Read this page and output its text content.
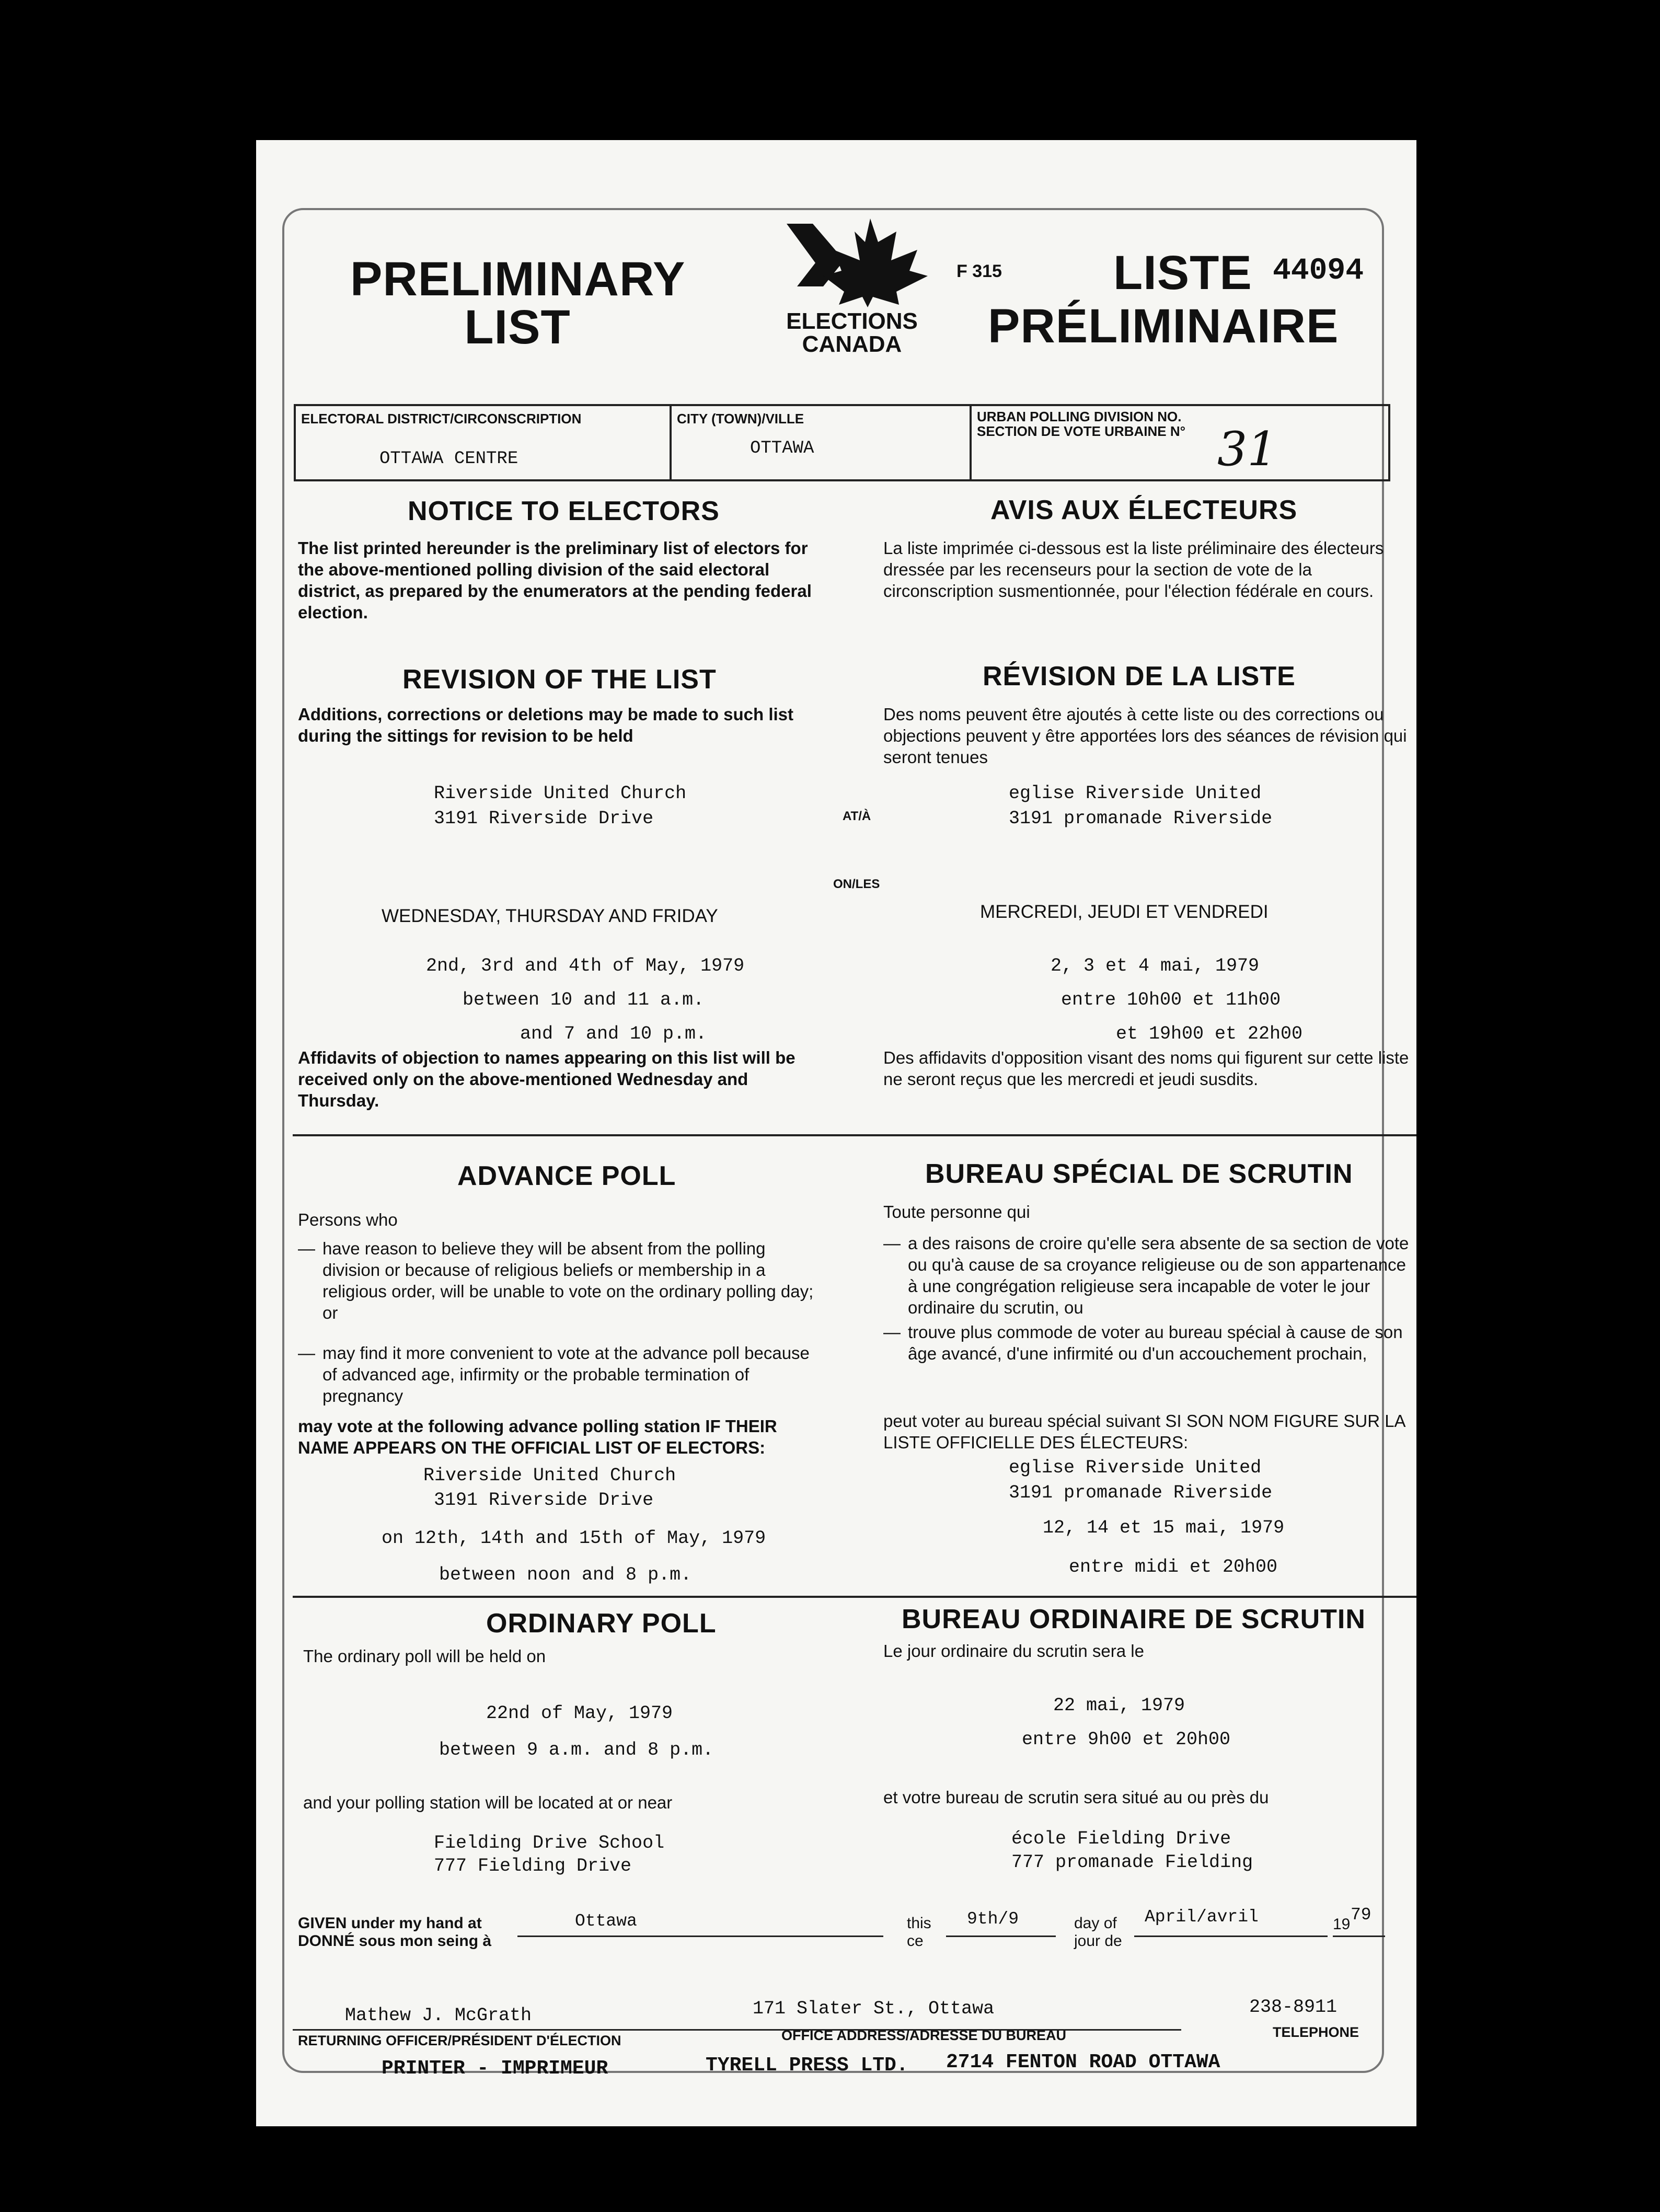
PRELIMINARY
LIST	ELECTIONS
CANADA
F 315 LISTE 44094
PRÉLIMINAIRE
ELECTORAL DISTRICT/CIRCONSCRIPTION
OTTAWA CENTRE
CITY (TOWN)/VILLE
OTTAWA
URBAN POLLING DIVISION NO.
SECTION DE VOTE URBAINE N° 31
NOTICE TO ELECTORS
The list printed hereunder is the preliminary list of electors for the above-mentioned polling division of the said electoral district, as prepared by the enumerators at the pending federal election.
AVIS AUX ÉLECTEURS
La liste imprimée ci-dessous est la liste préliminaire des électeurs dressée par les recenseurs pour la section de vote de la circonscription susmentionnée, pour l'élection fédérale en cours.
REVISION OF THE LIST
Additions, corrections or deletions may be made to such list during the sittings for revision to be held
RÉVISION DE LA LISTE
Des noms peuvent être ajoutés à cette liste ou des corrections ou objections peuvent y être apportées lors des séances de révision qui seront tenues
Riverside United Church
3191 Riverside Drive	AT/À
eglise Riverside United
3191 promanade Riverside
ON/LES
WEDNESDAY, THURSDAY AND FRIDAY	MERCREDI, JEUDI ET VENDREDI
2nd, 3rd and 4th of May, 1979	2, 3 et 4 mai, 1979
between 10 and 11 a.m.	entre 10h00 et 11h00
and 7 and 10 p.m.	et 19h00 et 22h00
Affidavits of objection to names appearing on this list will be received only on the above-mentioned Wednesday and Thursday.
Des affidavits d'opposition visant des noms qui figurent sur cette liste ne seront reçus que les mercredi et jeudi susdits.
ADVANCE POLL	BUREAU SPÉCIAL DE SCRUTIN
Persons who	Toute personne qui
— have reason to believe they will be absent from the polling division or because of religious beliefs or membership in a religious order, will be unable to vote on the ordinary polling day; or
— may find it more convenient to vote at the advance poll because of advanced age, infirmity or the probable termination of pregnancy
— a des raisons de croire qu'elle sera absente de sa section de vote ou qu'à cause de sa croyance religieuse ou de son appartenance à une congrégation religieuse sera incapable de voter le jour ordinaire du scrutin, ou
— trouve plus commode de voter au bureau spécial à cause de son âge avancé, d'une infirmité ou d'un accouchement prochain,
may vote at the following advance polling station IF THEIR NAME APPEARS ON THE OFFICIAL LIST OF ELECTORS:
peut voter au bureau spécial suivant SI SON NOM FIGURE SUR LA LISTE OFFICIELLE DES ÉLECTEURS:
Riverside United Church
3191 Riverside Drive
eglise Riverside United
3191 promanade Riverside
on 12th, 14th and 15th of May, 1979	12, 14 et 15 mai, 1979
between noon and 8 p.m.	entre midi et 20h00
ORDINARY POLL	BUREAU ORDINAIRE DE SCRUTIN
The ordinary poll will be held on	Le jour ordinaire du scrutin sera le
22nd of May, 1979	22 mai, 1979
between 9 a.m. and 8 p.m.	entre 9h00 et 20h00
and your polling station will be located at or near	et votre bureau de scrutin sera situé au ou près du
Fielding Drive School
777 Fielding Drive
école Fielding Drive
777 promanade Fielding
GIVEN under my hand at
DONNÉ sous mon seing à
Ottawa	this
ce
9th/9	day of
jour de
April/avril	19 79
Mathew J. McGrath	171 Slater St., Ottawa	238-8911
RETURNING OFFICER/PRÉSIDENT D'ÉLECTION	OFFICE ADDRESS/ADRESSE DU BUREAU	TELEPHONE
PRINTER - IMPRIMEUR	TYRELL PRESS LTD. 2714 FENTON ROAD OTTAWA
